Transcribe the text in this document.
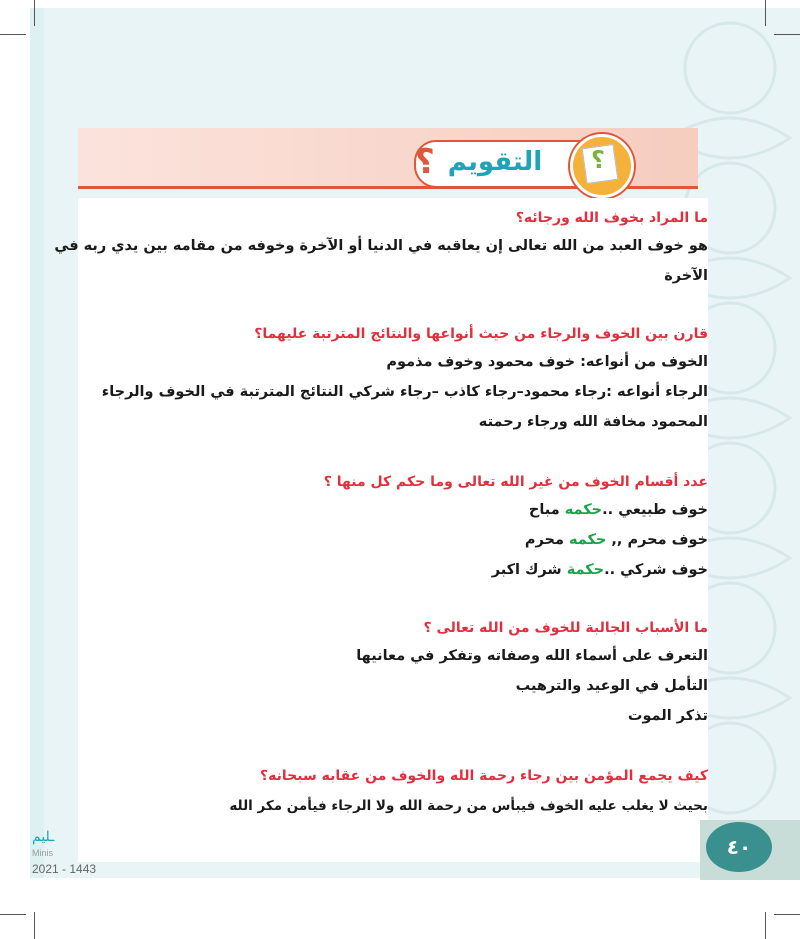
؟ التقويم	؟
ما المراد بخوف الله ورجائه؟
هو خوف العبد من الله تعالى إن يعاقبه في الدنيا أو الآخرة وخوفه من مقامه بين يدي ربه في
الآخرة
قارن بين الخوف والرجاء من حيث أنواعها والنتائج المترتبة عليهما؟
الخوف من أنواعه: خوف محمود وخوف مذموم
الرجاء أنواعه :رجاء محمود–رجاء كاذب –رجاء شركي النتائج المترتبة في الخوف والرجاء
المحمود مخافة الله ورجاء رحمته
عدد أقسام الخوف من غير الله تعالى وما حكم كل منها ؟
خوف طبيعي ..حكمه مباح
خوف محرم ,, حكمه محرم
خوف شركي ..حكمة شرك اكبر
ما الأسباب الجالبة للخوف من الله تعالى ؟
التعرف على أسماء الله وصفاته وتفكر في معانيها
التأمل في الوعيد والترهيب
تذكر الموت
كيف يجمع المؤمن بين رجاء رحمة الله والخوف من عقابه سبحانه؟
بحيث لا يغلب عليه الخوف فيبأس من رحمة الله ولا الرجاء فيأمن مكر الله
٤٠
ـليم
Minis
2021 - 1443
